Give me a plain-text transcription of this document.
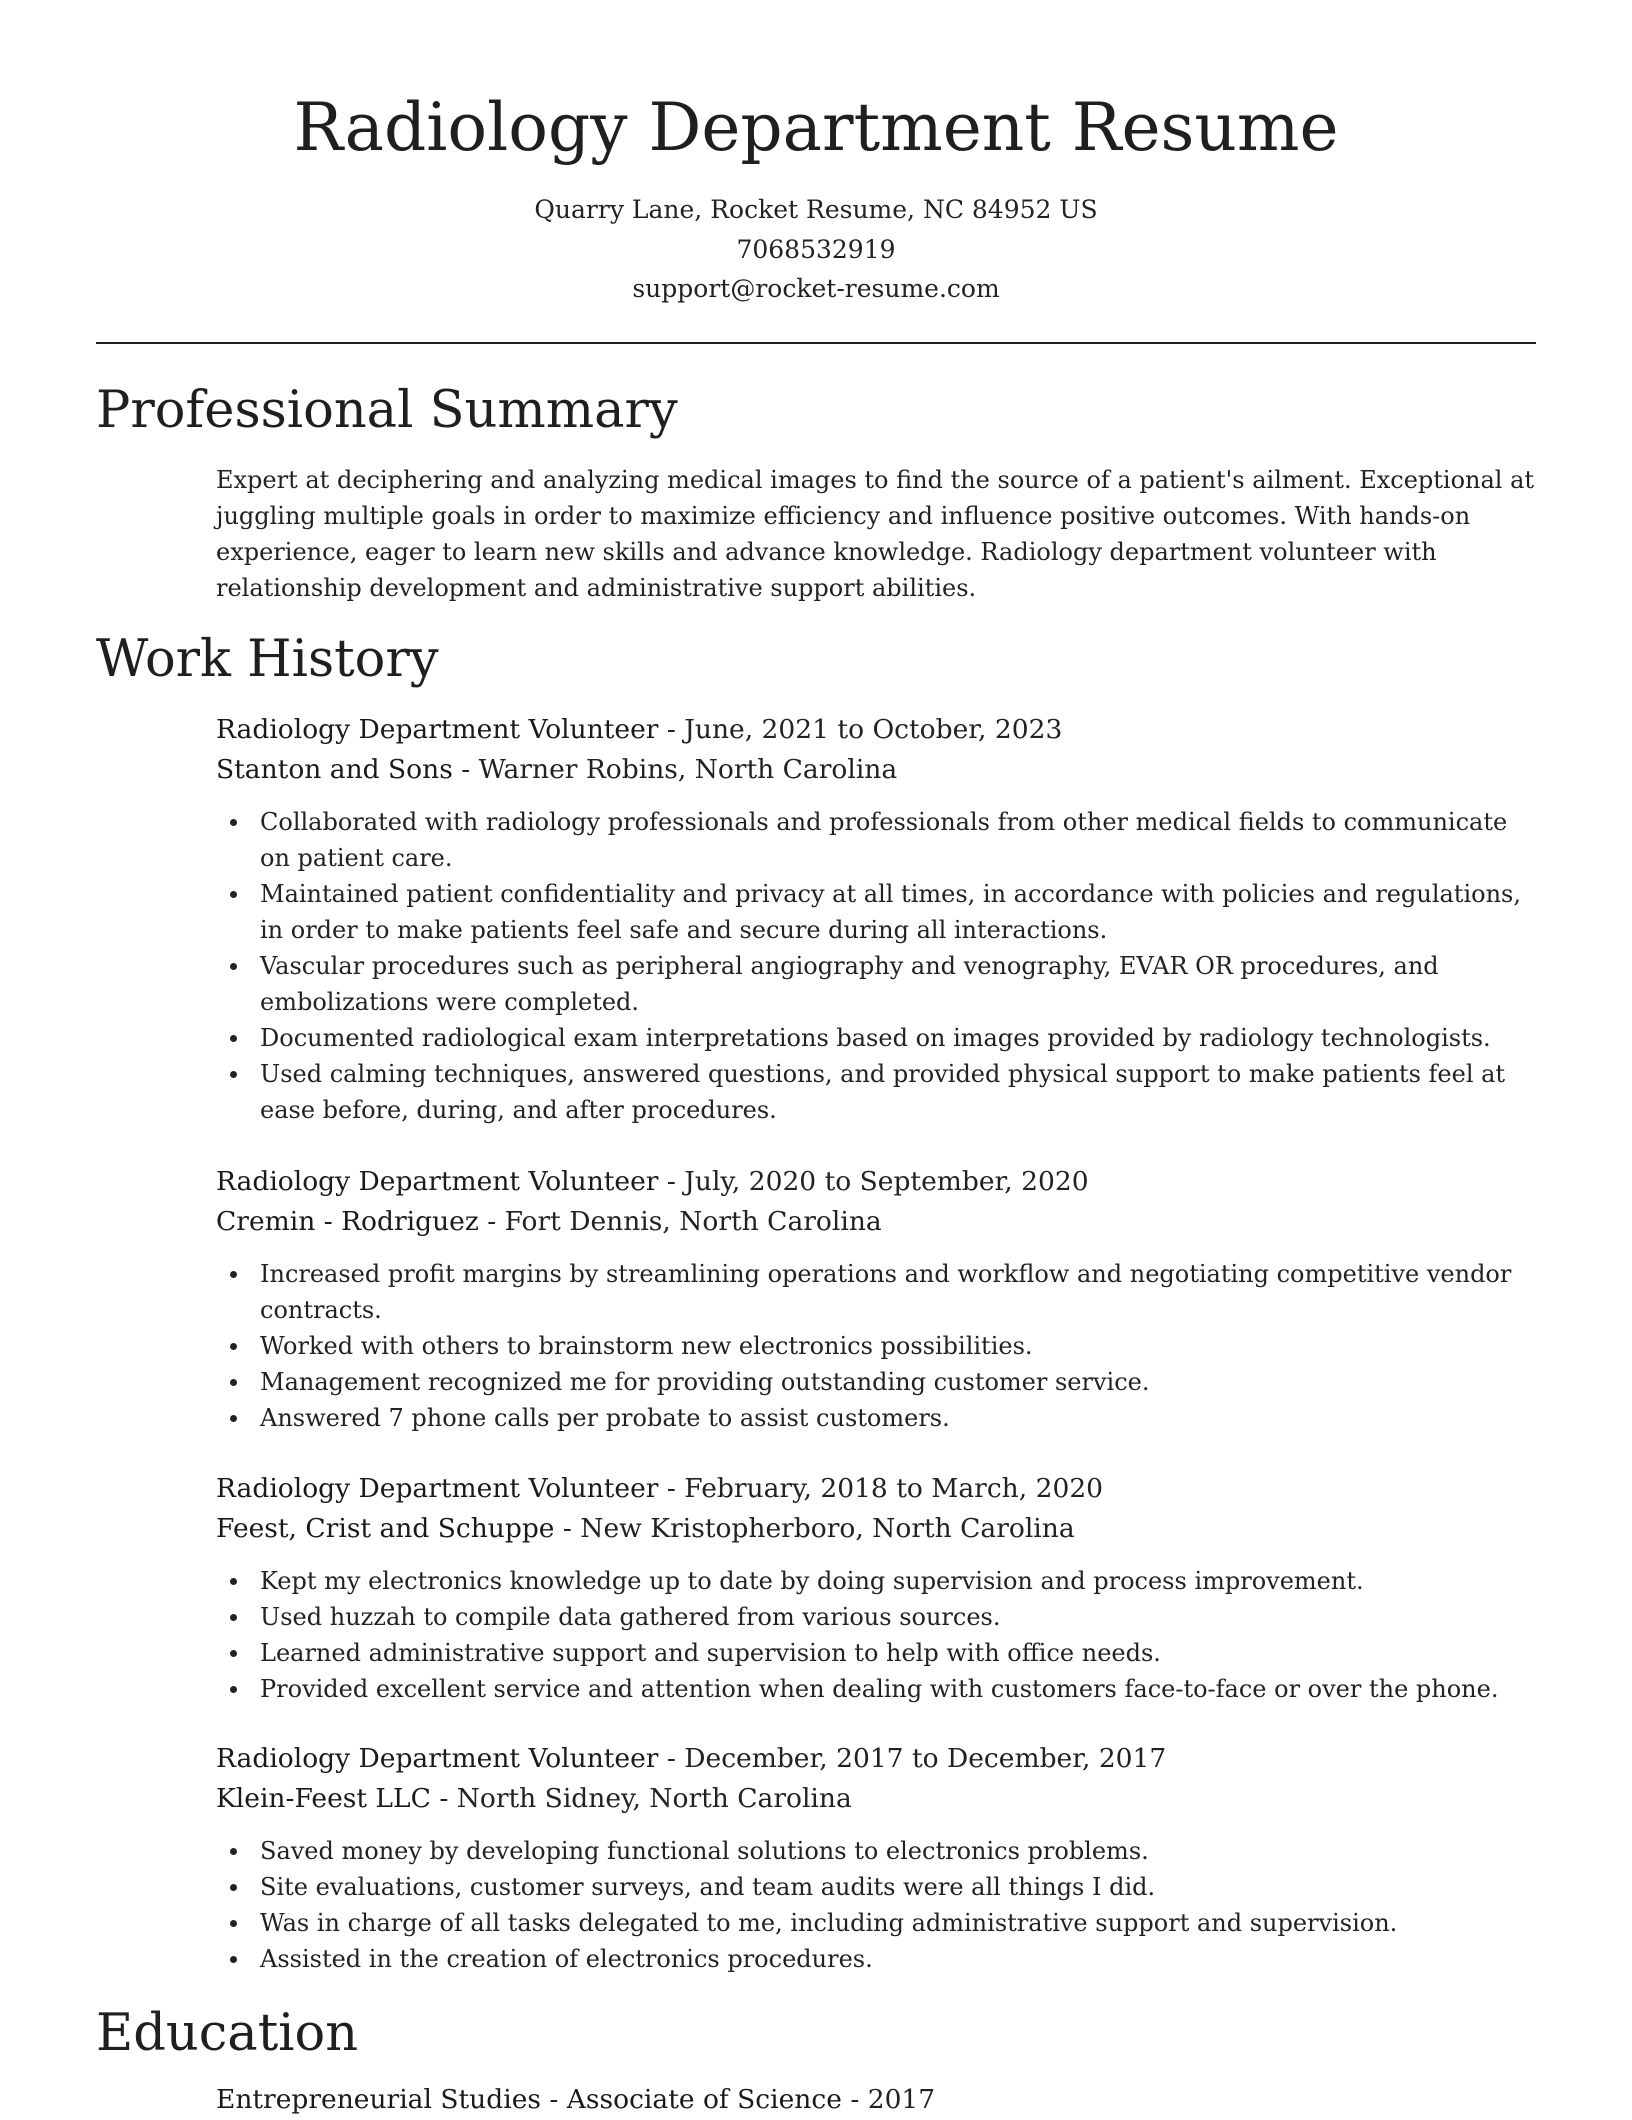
Radiology Department Resume
Quarry Lane, Rocket Resume, NC 84952 US
7068532919
support@rocket-resume.com
Professional Summary

Expert at deciphering and analyzing medical images to find the source of a patient's ailment. Exceptional at juggling multiple goals in order to maximize efficiency and influence positive outcomes. With hands-on experience, eager to learn new skills and advance knowledge. Radiology department volunteer with relationship development and administrative support abilities.

Work History
Radiology Department Volunteer - June, 2021 to October, 2023
Stanton and Sons - Warner Robins, North Carolina
Collaborated with radiology professionals and professionals from other medical fields to communicate on patient care.
Maintained patient confidentiality and privacy at all times, in accordance with policies and regulations, in order to make patients feel safe and secure during all interactions.
Vascular procedures such as peripheral angiography and venography, EVAR OR procedures, and embolizations were completed.
Documented radiological exam interpretations based on images provided by radiology technologists.
Used calming techniques, answered questions, and provided physical support to make patients feel at ease before, during, and after procedures.
Radiology Department Volunteer - July, 2020 to September, 2020
Cremin - Rodriguez - Fort Dennis, North Carolina
Increased profit margins by streamlining operations and workflow and negotiating competitive vendor contracts.
Worked with others to brainstorm new electronics possibilities.
Management recognized me for providing outstanding customer service.
Answered 7 phone calls per probate to assist customers.
Radiology Department Volunteer - February, 2018 to March, 2020
Feest, Crist and Schuppe - New Kristopherboro, North Carolina
Kept my electronics knowledge up to date by doing supervision and process improvement.
Used huzzah to compile data gathered from various sources.
Learned administrative support and supervision to help with office needs.
Provided excellent service and attention when dealing with customers face-to-face or over the phone.
Radiology Department Volunteer - December, 2017 to December, 2017
Klein-Feest LLC - North Sidney, North Carolina
Saved money by developing functional solutions to electronics problems.
Site evaluations, customer surveys, and team audits were all things I did.
Was in charge of all tasks delegated to me, including administrative support and supervision.
Assisted in the creation of electronics procedures.
Education
Entrepreneurial Studies - Associate of Science - 2017
